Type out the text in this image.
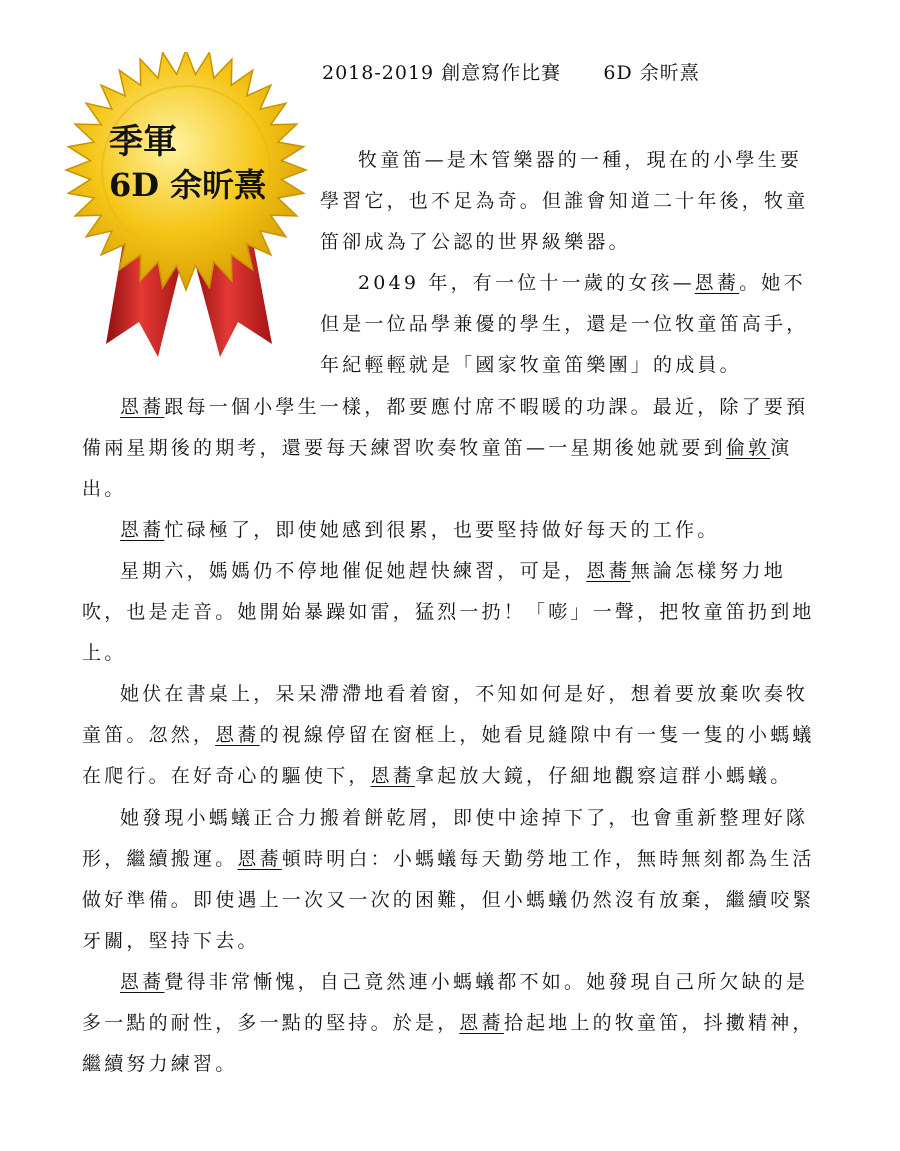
2018-2019 創意寫作比賽      6D 余昕熹
季軍
6D 余昕熹

牧童笛—是木管樂器的一種，現在的小學生要學習它，也不足為奇。但誰會知道二十年後，牧童笛卻成為了公認的世界級樂器。

2049 年，有一位十一歲的女孩—恩蕎。她不但是一位品學兼優的學生，還是一位牧童笛高手，年紀輕輕就是「國家牧童笛樂團」的成員。

恩蕎跟每一個小學生一樣，都要應付席不暇暖的功課。最近，除了要預備兩星期後的期考，還要每天練習吹奏牧童笛—一星期後她就要到倫敦演出。

恩蕎忙碌極了，即使她感到很累，也要堅持做好每天的工作。

星期六，媽媽仍不停地催促她趕快練習，可是，恩蕎無論怎樣努力地吹，也是走音。她開始暴躁如雷，猛烈一扔！「嘭」一聲，把牧童笛扔到地上。

她伏在書桌上，呆呆滯滯地看着窗，不知如何是好，想着要放棄吹奏牧童笛。忽然，恩蕎的視線停留在窗框上，她看見縫隙中有一隻一隻的小螞蟻在爬行。在好奇心的驅使下，恩蕎拿起放大鏡，仔細地觀察這群小螞蟻。

她發現小螞蟻正合力搬着餅乾屑，即使中途掉下了，也會重新整理好隊形，繼續搬運。恩蕎頓時明白：小螞蟻每天勤勞地工作，無時無刻都為生活做好準備。即使遇上一次又一次的困難，但小螞蟻仍然沒有放棄，繼續咬緊牙關，堅持下去。

恩蕎覺得非常慚愧，自己竟然連小螞蟻都不如。她發現自己所欠缺的是多一點的耐性，多一點的堅持。於是，恩蕎拾起地上的牧童笛，抖擻精神，繼續努力練習。
